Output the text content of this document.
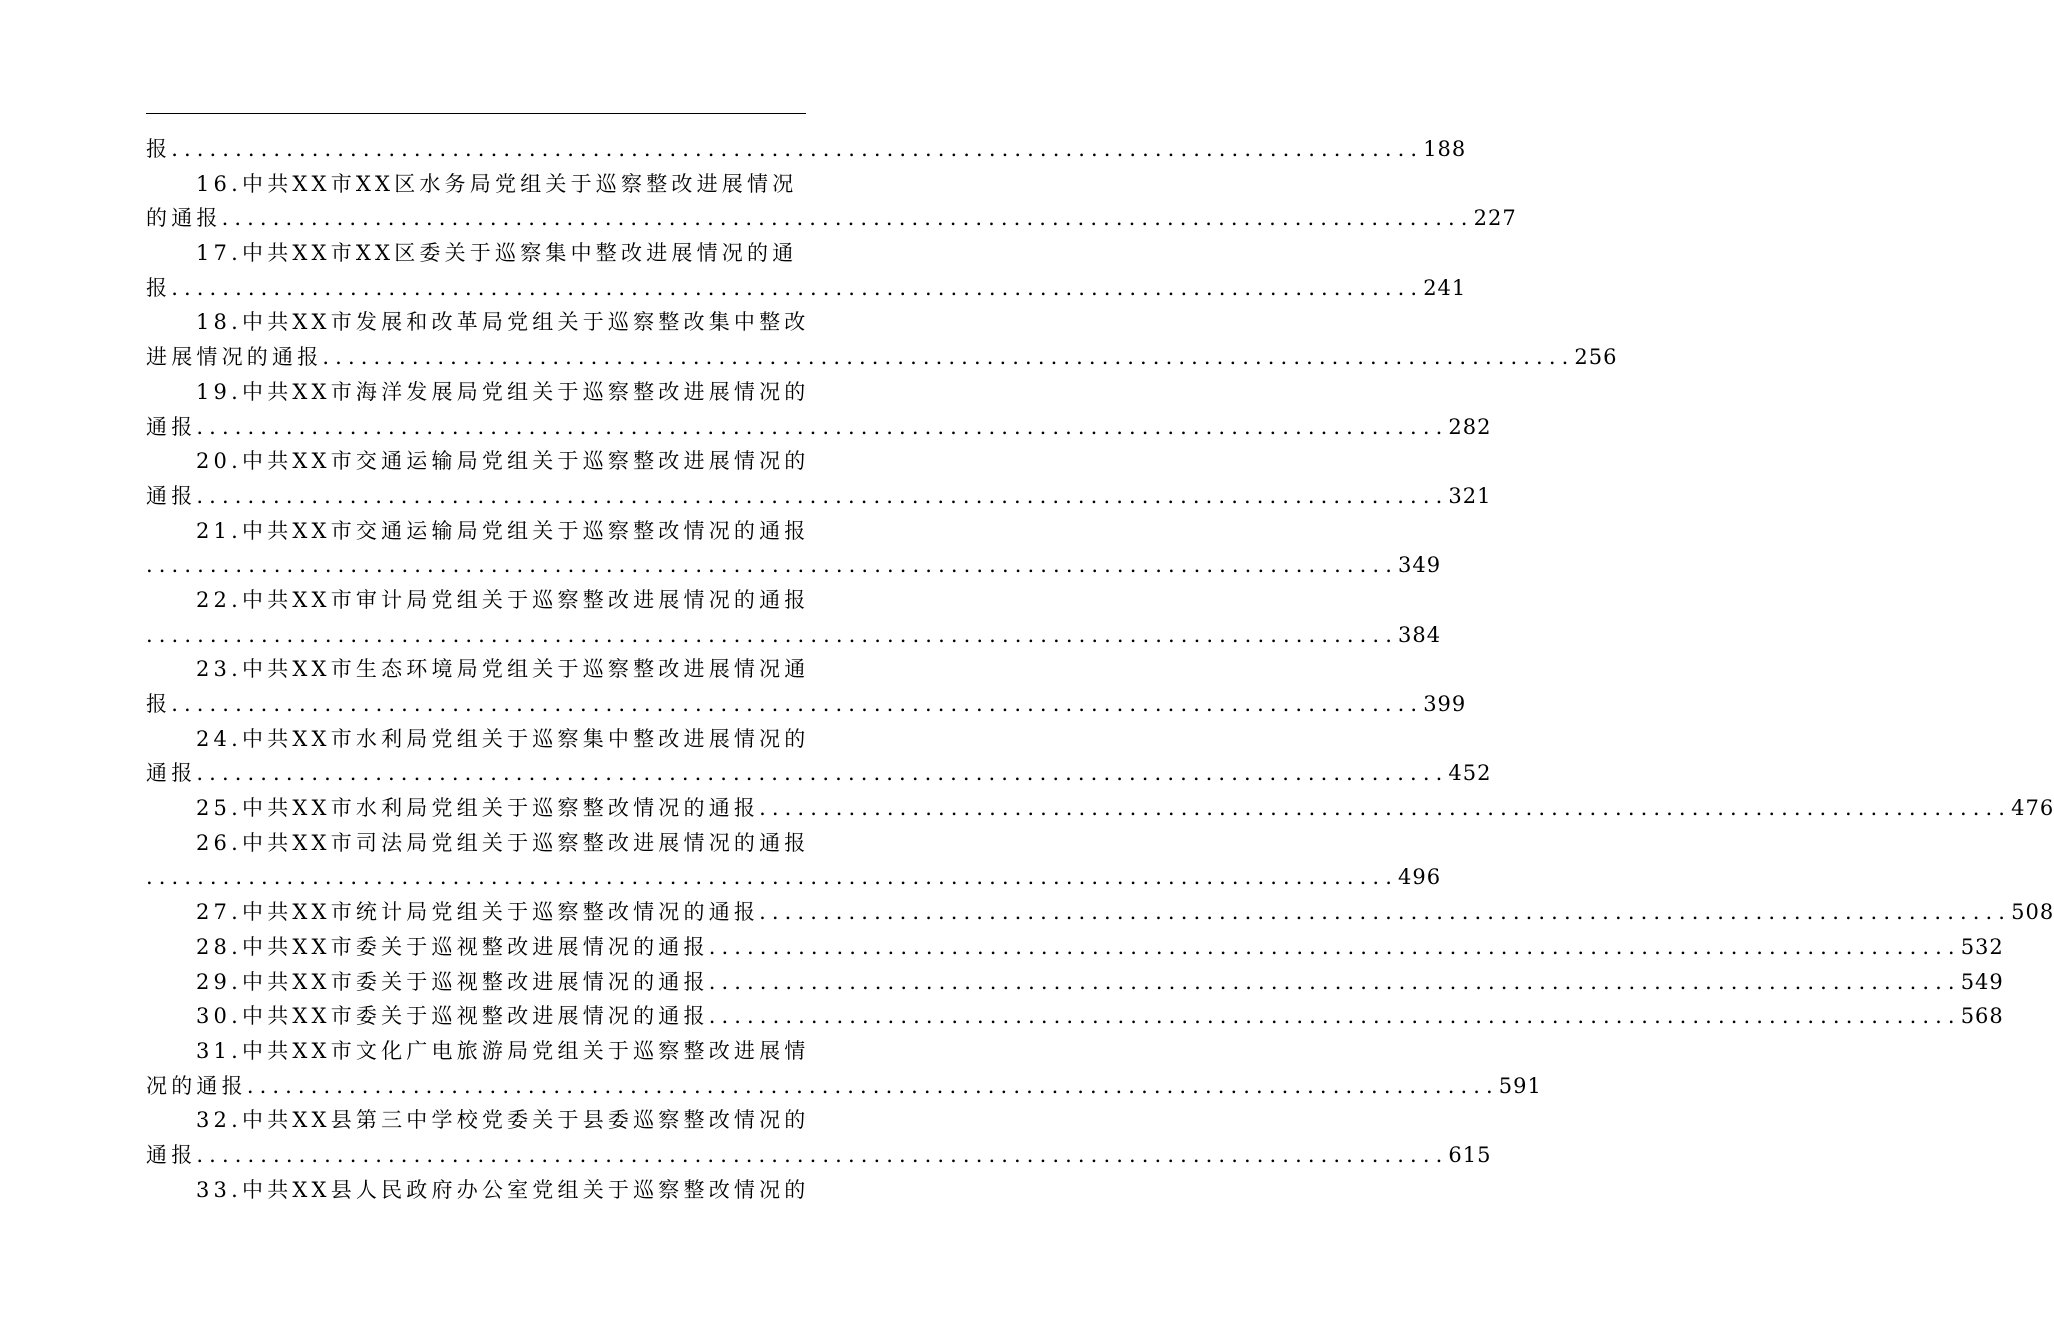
报 .................................................................................................. 188
16.中共XX市XX区水务局党组关于巡察整改进展情况
的通报 .................................................................................................. 227
17.中共XX市XX区委关于巡察集中整改进展情况的通
报 .................................................................................................. 241
18.中共XX市发展和改革局党组关于巡察整改集中整改
进展情况的通报 .................................................................................................. 256
19.中共XX市海洋发展局党组关于巡察整改进展情况的
通报 .................................................................................................. 282
20.中共XX市交通运输局党组关于巡察整改进展情况的
通报 .................................................................................................. 321
21.中共XX市交通运输局党组关于巡察整改情况的通报
.................................................................................................. 349
22.中共XX市审计局党组关于巡察整改进展情况的通报
.................................................................................................. 384
23.中共XX市生态环境局党组关于巡察整改进展情况通
报 .................................................................................................. 399
24.中共XX市水利局党组关于巡察集中整改进展情况的
通报 .................................................................................................. 452
25.中共XX市水利局党组关于巡察整改情况的通报 .................................................................................................. 476
26.中共XX市司法局党组关于巡察整改进展情况的通报
.................................................................................................. 496
27.中共XX市统计局党组关于巡察整改情况的通报 .................................................................................................. 508
28.中共XX市委关于巡视整改进展情况的通报 .................................................................................................. 532
29.中共XX市委关于巡视整改进展情况的通报 .................................................................................................. 549
30.中共XX市委关于巡视整改进展情况的通报 .................................................................................................. 568
31.中共XX市文化广电旅游局党组关于巡察整改进展情
况的通报 .................................................................................................. 591
32.中共XX县第三中学校党委关于县委巡察整改情况的
通报 .................................................................................................. 615
33.中共XX县人民政府办公室党组关于巡察整改情况的
